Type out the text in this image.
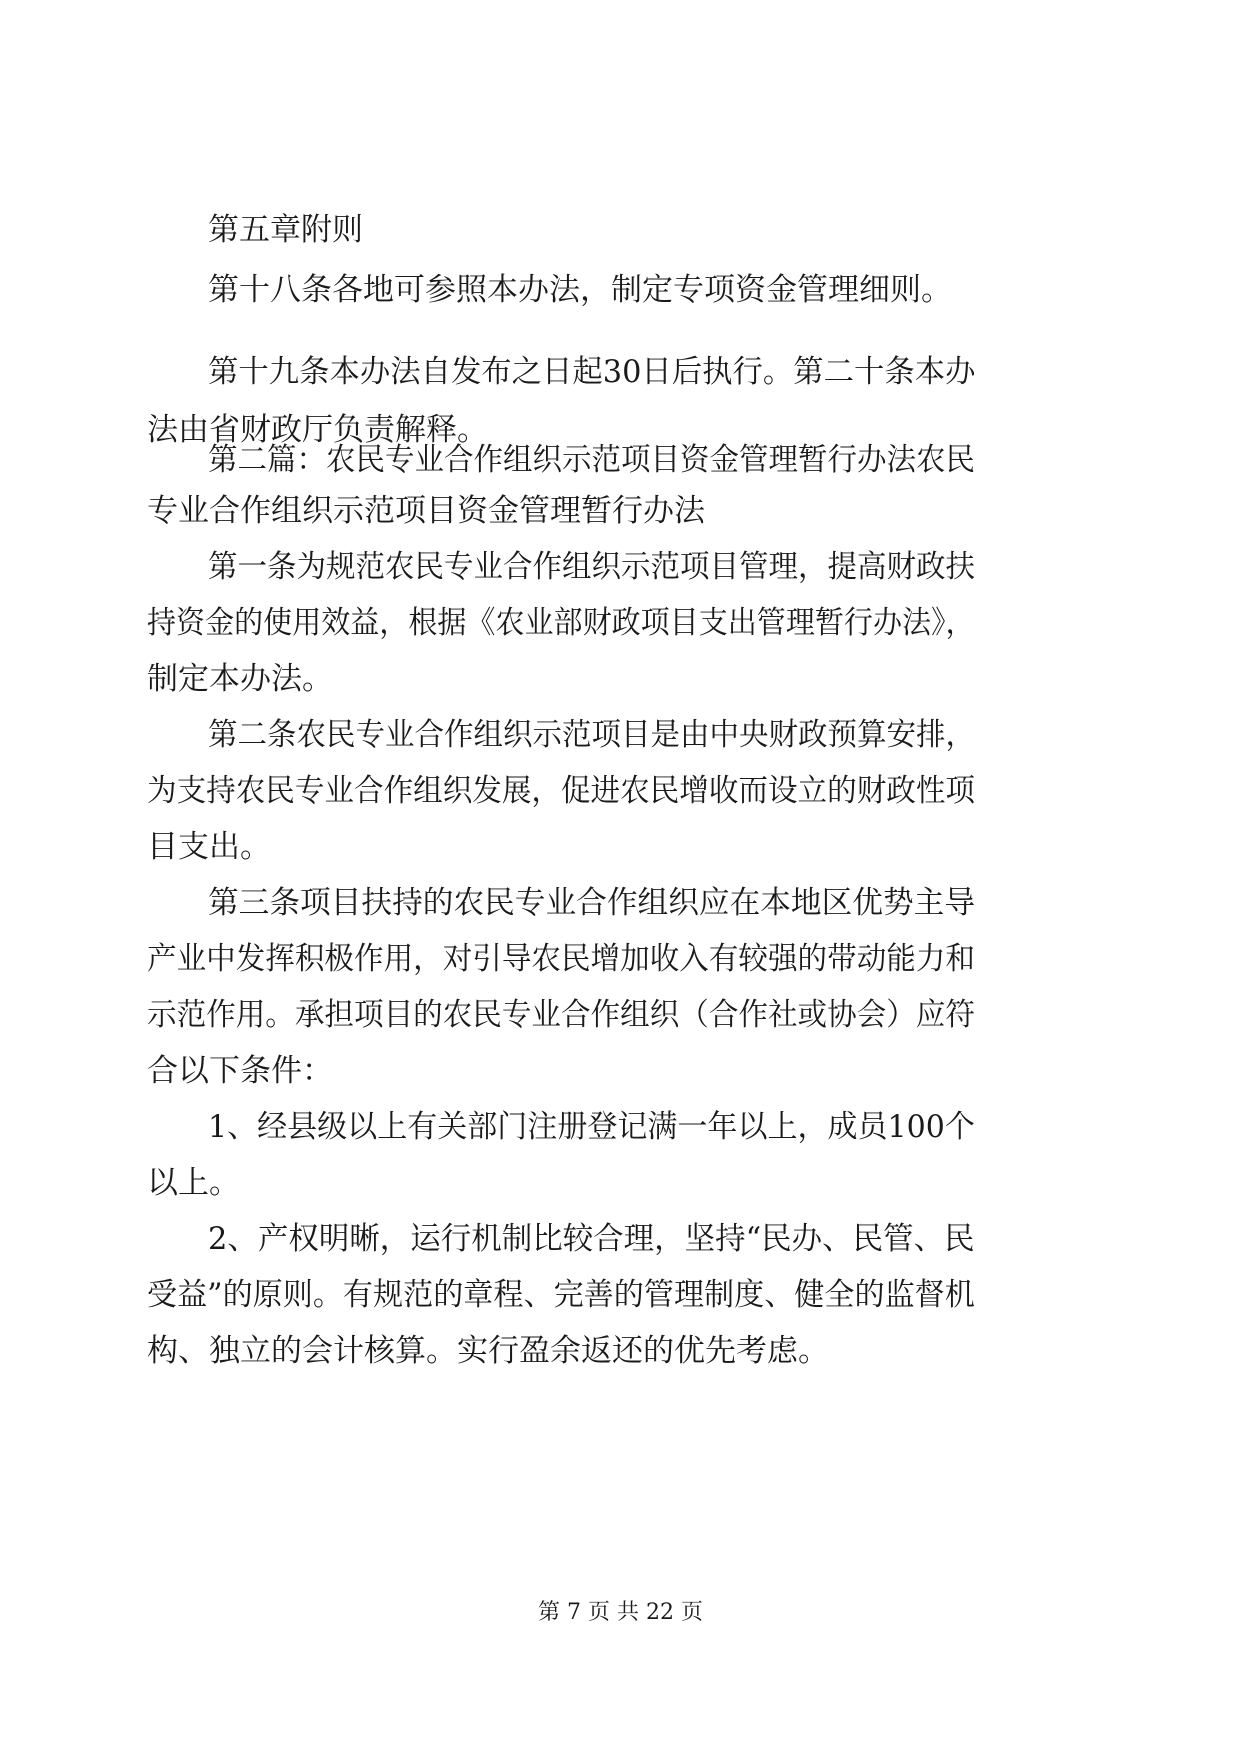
第五章附则
第十八条各地可参照本办法，制定专项资金管理细则。
第十九条本办法自发布之日起30日后执行。第二十条本办
法由省财政厅负责解释。
第二篇：农民专业合作组织示范项目资金管理暂行办法农民
专业合作组织示范项目资金管理暂行办法
第一条为规范农民专业合作组织示范项目管理，提高财政扶
持资金的使用效益，根据《农业部财政项目支出管理暂行办法》，
制定本办法。
第二条农民专业合作组织示范项目是由中央财政预算安排，
为支持农民专业合作组织发展，促进农民增收而设立的财政性项
目支出。
第三条项目扶持的农民专业合作组织应在本地区优势主导
产业中发挥积极作用，对引导农民增加收入有较强的带动能力和
示范作用。承担项目的农民专业合作组织（合作社或协会）应符
合以下条件：
1、经县级以上有关部门注册登记满一年以上，成员100个
以上。
2、产权明晰，运行机制比较合理，坚持“民办、民管、民
受益”的原则。有规范的章程、完善的管理制度、健全的监督机
构、独立的会计核算。实行盈余返还的优先考虑。
第 7 页 共 22 页
